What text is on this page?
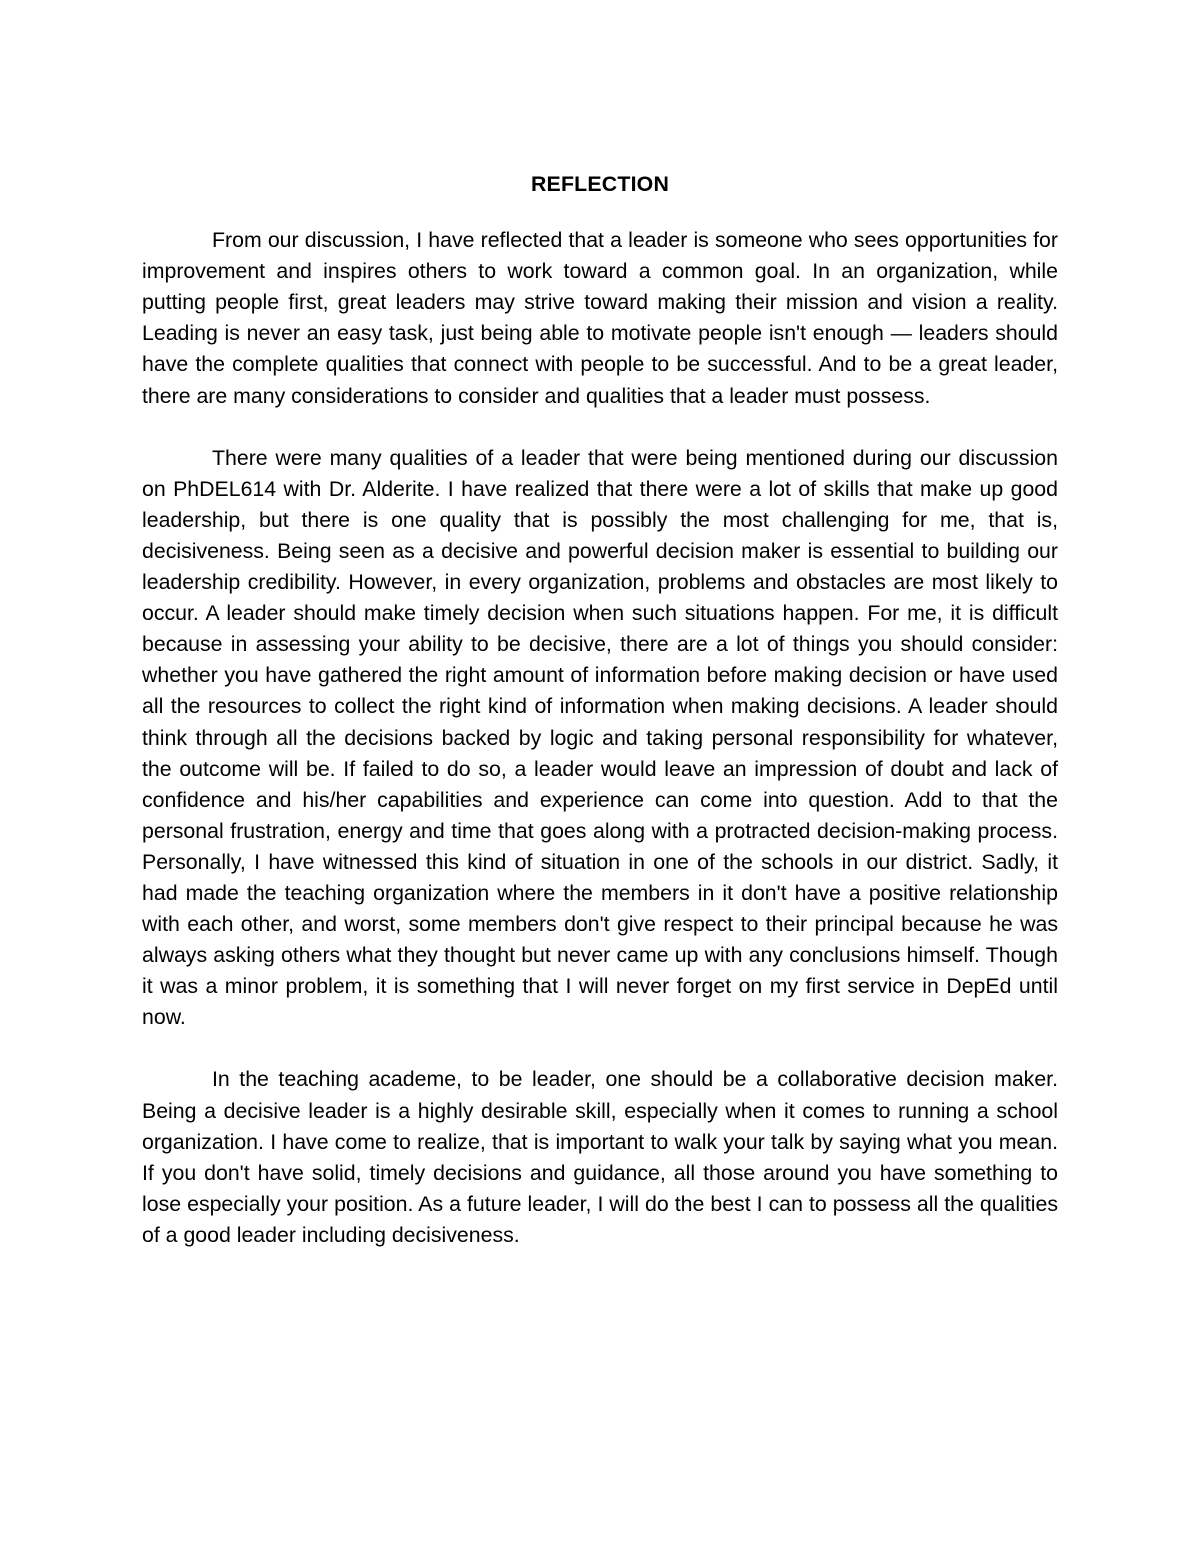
REFLECTION

From our discussion, I have reflected that a leader is someone who sees opportunities for improvement and inspires others to work toward a common goal. In an organization, while putting people first, great leaders may strive toward making their mission and vision a reality. Leading is never an easy task, just being able to motivate people isn't enough — leaders should have the complete qualities that connect with people to be successful. And to be a great leader, there are many considerations to consider and qualities that a leader must possess.

There were many qualities of a leader that were being mentioned during our discussion on PhDEL614 with Dr. Alderite. I have realized that there were a lot of skills that make up good leadership, but there is one quality that is possibly the most challenging for me, that is, decisiveness. Being seen as a decisive and powerful decision maker is essential to building our leadership credibility. However, in every organization, problems and obstacles are most likely to occur. A leader should make timely decision when such situations happen. For me, it is difficult because in assessing your ability to be decisive, there are a lot of things you should consider: whether you have gathered the right amount of information before making decision or have used all the resources to collect the right kind of information when making decisions. A leader should think through all the decisions backed by logic and taking personal responsibility for whatever, the outcome will be. If failed to do so, a leader would leave an impression of doubt and lack of confidence and his/her capabilities and experience can come into question. Add to that the personal frustration, energy and time that goes along with a protracted decision-making process. Personally, I have witnessed this kind of situation in one of the schools in our district. Sadly, it had made the teaching organization where the members in it don't have a positive relationship with each other, and worst, some members don't give respect to their principal because he was always asking others what they thought but never came up with any conclusions himself. Though it was a minor problem, it is something that I will never forget on my first service in DepEd until now.

In the teaching academe, to be leader, one should be a collaborative decision maker. Being a decisive leader is a highly desirable skill, especially when it comes to running a school organization. I have come to realize, that is important to walk your talk by saying what you mean. If you don't have solid, timely decisions and guidance, all those around you have something to lose especially your position. As a future leader, I will do the best I can to possess all the qualities of a good leader including decisiveness.
